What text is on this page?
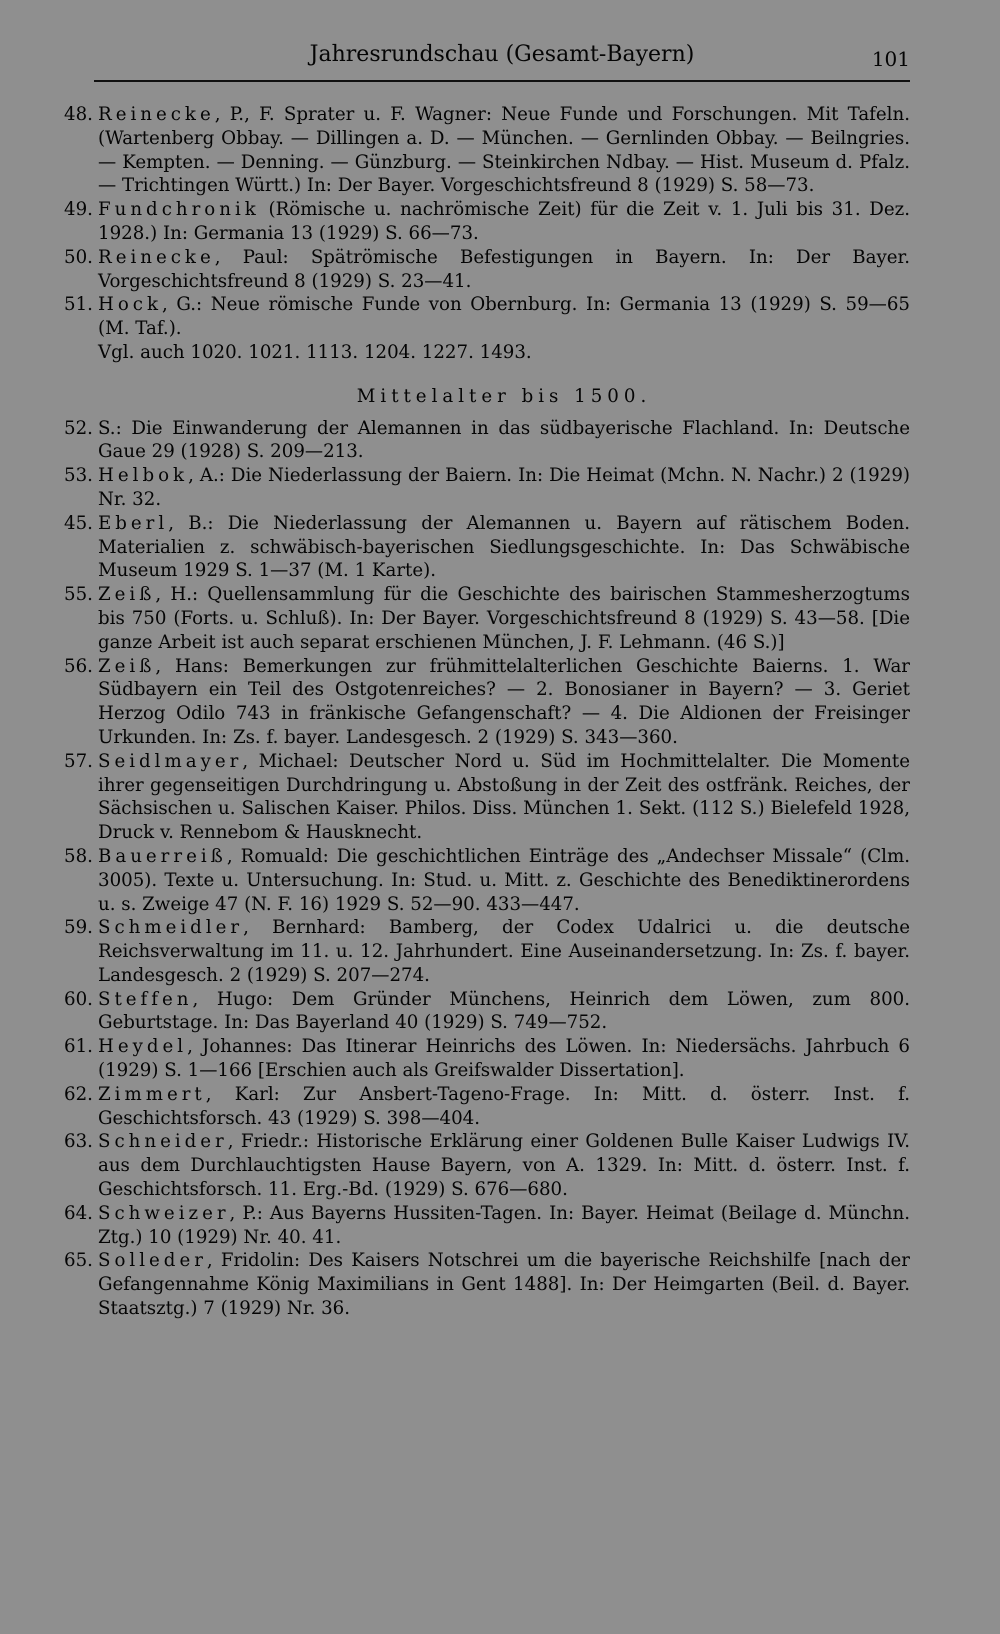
Jahresrundschau (Gesamt-Bayern)	101
48. Reinecke, P., F. Sprater u. F. Wagner: Neue Funde und Forschungen. Mit Tafeln. (Wartenberg Obbay. — Dillingen a. D. — München. — Gernlinden Obbay. — Beilngries. — Kempten. — Denning. — Günzburg. — Steinkirchen Ndbay. — Hist. Museum d. Pfalz. — Trichtingen Württ.) In: Der Bayer. Vorgeschichtsfreund 8 (1929) S. 58—73.
49. Fundchronik (Römische u. nachrömische Zeit) für die Zeit v. 1. Juli bis 31. Dez. 1928.) In: Germania 13 (1929) S. 66—73.
50. Reinecke, Paul: Spätrömische Befestigungen in Bayern. In: Der Bayer. Vorgeschichtsfreund 8 (1929) S. 23—41.
51. Hock, G.: Neue römische Funde von Obernburg. In: Germania 13 (1929) S. 59—65 (M. Taf.).
Vgl. auch 1020. 1021. 1113. 1204. 1227. 1493.
Mittelalter bis 1500.
52. S.: Die Einwanderung der Alemannen in das südbayerische Flachland. In: Deutsche Gaue 29 (1928) S. 209—213.
53. Helbok, A.: Die Niederlassung der Baiern. In: Die Heimat (Mchn. N. Nachr.) 2 (1929) Nr. 32.
45. Eberl, B.: Die Niederlassung der Alemannen u. Bayern auf rätischem Boden. Materialien z. schwäbisch-bayerischen Siedlungsgeschichte. In: Das Schwäbische Museum 1929 S. 1—37 (M. 1 Karte).
55. Zeiß, H.: Quellensammlung für die Geschichte des bairischen Stammesherzogtums bis 750 (Forts. u. Schluß). In: Der Bayer. Vorgeschichtsfreund 8 (1929) S. 43—58. [Die ganze Arbeit ist auch separat erschienen München, J. F. Lehmann. (46 S.)]
56. Zeiß, Hans: Bemerkungen zur frühmittelalterlichen Geschichte Baierns. 1. War Südbayern ein Teil des Ostgotenreiches? — 2. Bonosianer in Bayern? — 3. Geriet Herzog Odilo 743 in fränkische Gefangenschaft? — 4. Die Aldionen der Freisinger Urkunden. In: Zs. f. bayer. Landesgesch. 2 (1929) S. 343—360.
57. Seidlmayer, Michael: Deutscher Nord u. Süd im Hochmittelalter. Die Momente ihrer gegenseitigen Durchdringung u. Abstoßung in der Zeit des ostfränk. Reiches, der Sächsischen u. Salischen Kaiser. Philos. Diss. München 1. Sekt. (112 S.) Bielefeld 1928, Druck v. Rennebom & Hausknecht.
58. Bauerreiß, Romuald: Die geschichtlichen Einträge des „Andechser Missale“ (Clm. 3005). Texte u. Untersuchung. In: Stud. u. Mitt. z. Geschichte des Benediktinerordens u. s. Zweige 47 (N. F. 16) 1929 S. 52—90. 433—447.
59. Schmeidler, Bernhard: Bamberg, der Codex Udalrici u. die deutsche Reichsverwaltung im 11. u. 12. Jahrhundert. Eine Auseinandersetzung. In: Zs. f. bayer. Landesgesch. 2 (1929) S. 207—274.
60. Steffen, Hugo: Dem Gründer Münchens, Heinrich dem Löwen, zum 800. Geburtstage. In: Das Bayerland 40 (1929) S. 749—752.
61. Heydel, Johannes: Das Itinerar Heinrichs des Löwen. In: Niedersächs. Jahrbuch 6 (1929) S. 1—166 [Erschien auch als Greifswalder Dissertation].
62. Zimmert, Karl: Zur Ansbert-Tageno-Frage. In: Mitt. d. österr. Inst. f. Geschichtsforsch. 43 (1929) S. 398—404.
63. Schneider, Friedr.: Historische Erklärung einer Goldenen Bulle Kaiser Ludwigs IV. aus dem Durchlauchtigsten Hause Bayern, von A. 1329. In: Mitt. d. österr. Inst. f. Geschichtsforsch. 11. Erg.-Bd. (1929) S. 676—680.
64. Schweizer, P.: Aus Bayerns Hussiten-Tagen. In: Bayer. Heimat (Beilage d. Münchn. Ztg.) 10 (1929) Nr. 40. 41.
65. Solleder, Fridolin: Des Kaisers Notschrei um die bayerische Reichshilfe [nach der Gefangennahme König Maximilians in Gent 1488]. In: Der Heimgarten (Beil. d. Bayer. Staatsztg.) 7 (1929) Nr. 36.
